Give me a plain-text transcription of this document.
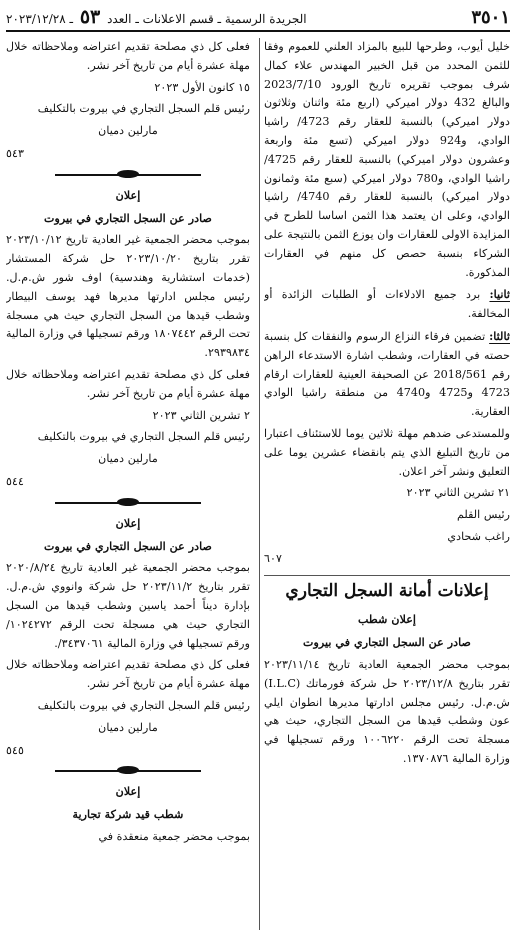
٣٥٠١
الجريدة الرسمية ـ قسم الاعلانات ـ العدد ٥٣ ـ ٢٠٢٣/١٢/٢٨

خليل أيوب، وطرحها للبيع بالمزاد العلني للعموم وفقا للثمن المحدد من قبل الخبير المهندس علاء كمال شرف بموجب تقريره تاريخ الورود 2023/7/10 والبالغ 432 دولار اميركي (اربع مئة واثنان وثلاثون دولار اميركي) بالنسبة للعقار رقم 4723/ راشيا الوادي، و924 دولار اميركي (تسع مئة واربعة وعشرون دولار اميركي) بالنسبة للعقار رقم 4725/ راشيا الوادي، و780 دولار اميركي (سبع مئة وثمانون دولار اميركي) بالنسبة للعقار رقم 4740/ راشيا الوادي، وعلى ان يعتمد هذا الثمن اساسا للطرح في المزايدة الاولى للعقارات وان يوزع الثمن بالنتيجة على الشركاء بنسبة حصص كل منهم في العقارات المذكورة.

ثانيا: برد جميع الادلاءات أو الطلبات الزائدة أو المخالفة.

ثالثا: تضمين فرقاء النزاع الرسوم والنفقات كل بنسبة حصته في العقارات، وشطب اشارة الاستدعاء الراهن رقم 2018/561 عن الصحيفة العينية للعقارات ارقام 4723 و4725 و4740 من منطقة راشيا الوادي العقارية.

وللمستدعى ضدهم مهلة ثلاثين يوما للاستئناف اعتبارا من تاريخ التبليغ الذي يتم بانقضاء عشرين يوما على التعليق ونشر آخر اعلان.

٢١ تشرين الثاني ٢٠٢٣

رئيس القلم

راغب شحادي

٦٠٧

إعلانات أمانة السجل التجاري

إعلان شطب

صادر عن السجل التجاري في بيروت

بموجب محضر الجمعية العادية تاريخ ٢٠٢٣/١١/١٤ تقرر بتاريخ ٢٠٢٣/١٢/٨ حل شركة فورماتك (I.L.C) ش.م.ل. رئيس مجلس ادارتها مديرها انطوان ايلي عون وشطب قيدها من السجل التجاري، حيث هي مسجلة تحت الرقم ١٠٠٦٢٢٠ ورقم تسجيلها في وزارة المالية ١٣٧٠٨٧٦.

فعلى كل ذي مصلحة تقديم اعتراضه وملاحظاته خلال مهلة عشرة أيام من تاريخ آخر نشر.

١٥ كانون الأول ٢٠٢٣

رئيس قلم السجل التجاري في بيروت بالتكليف

مارلين دميان

٥٤٣

إعلان

صادر عن السجل التجاري في بيروت

بموجب محضر الجمعية غير العادية تاريخ ٢٠٢٣/١٠/١٢ تقرر بتاريخ ٢٠٢٣/١٠/٢٠ حل شركة المستشار (خدمات استشارية وهندسية) اوف شور ش.م.ل. رئيس مجلس ادارتها مديرها فهد يوسف البيطار وشطب قيدها من السجل التجاري حيث هي مسجلة تحت الرقم ١٨٠٧٤٤٢ ورقم تسجيلها في وزارة المالية ٢٩٣٩٨٣٤.

فعلى كل ذي مصلحة تقديم اعتراضه وملاحظاته خلال مهلة عشرة أيام من تاريخ آخر نشر.

٢ تشرين الثاني ٢٠٢٣

رئيس قلم السجل التجاري في بيروت بالتكليف

مارلين دميان

٥٤٤

إعلان

صادر عن السجل التجاري في بيروت

بموجب محضر الجمعية غير العادية تاريخ ٢٠٢٠/٨/٢٤ تقرر بتاريخ ٢٠٢٣/١١/٢ حل شركة وانووي ش.م.ل. بإدارة ديناً أحمد ياسين وشطب قيدها من السجل التجاري حيث هي مسجلة تحت الرقم ١٠٢٤٢٧٢/ ورقم تسجيلها في وزارة المالية ٣٤٣٧٠٦١/.

فعلى كل ذي مصلحة تقديم اعتراضه وملاحظاته خلال مهلة عشرة أيام من تاريخ آخر نشر.

رئيس قلم السجل التجاري في بيروت بالتكليف

مارلين دميان

٥٤٥

إعلان

شطب قيد شركة تجارية

بموجب محضر جمعية منعقدة في
